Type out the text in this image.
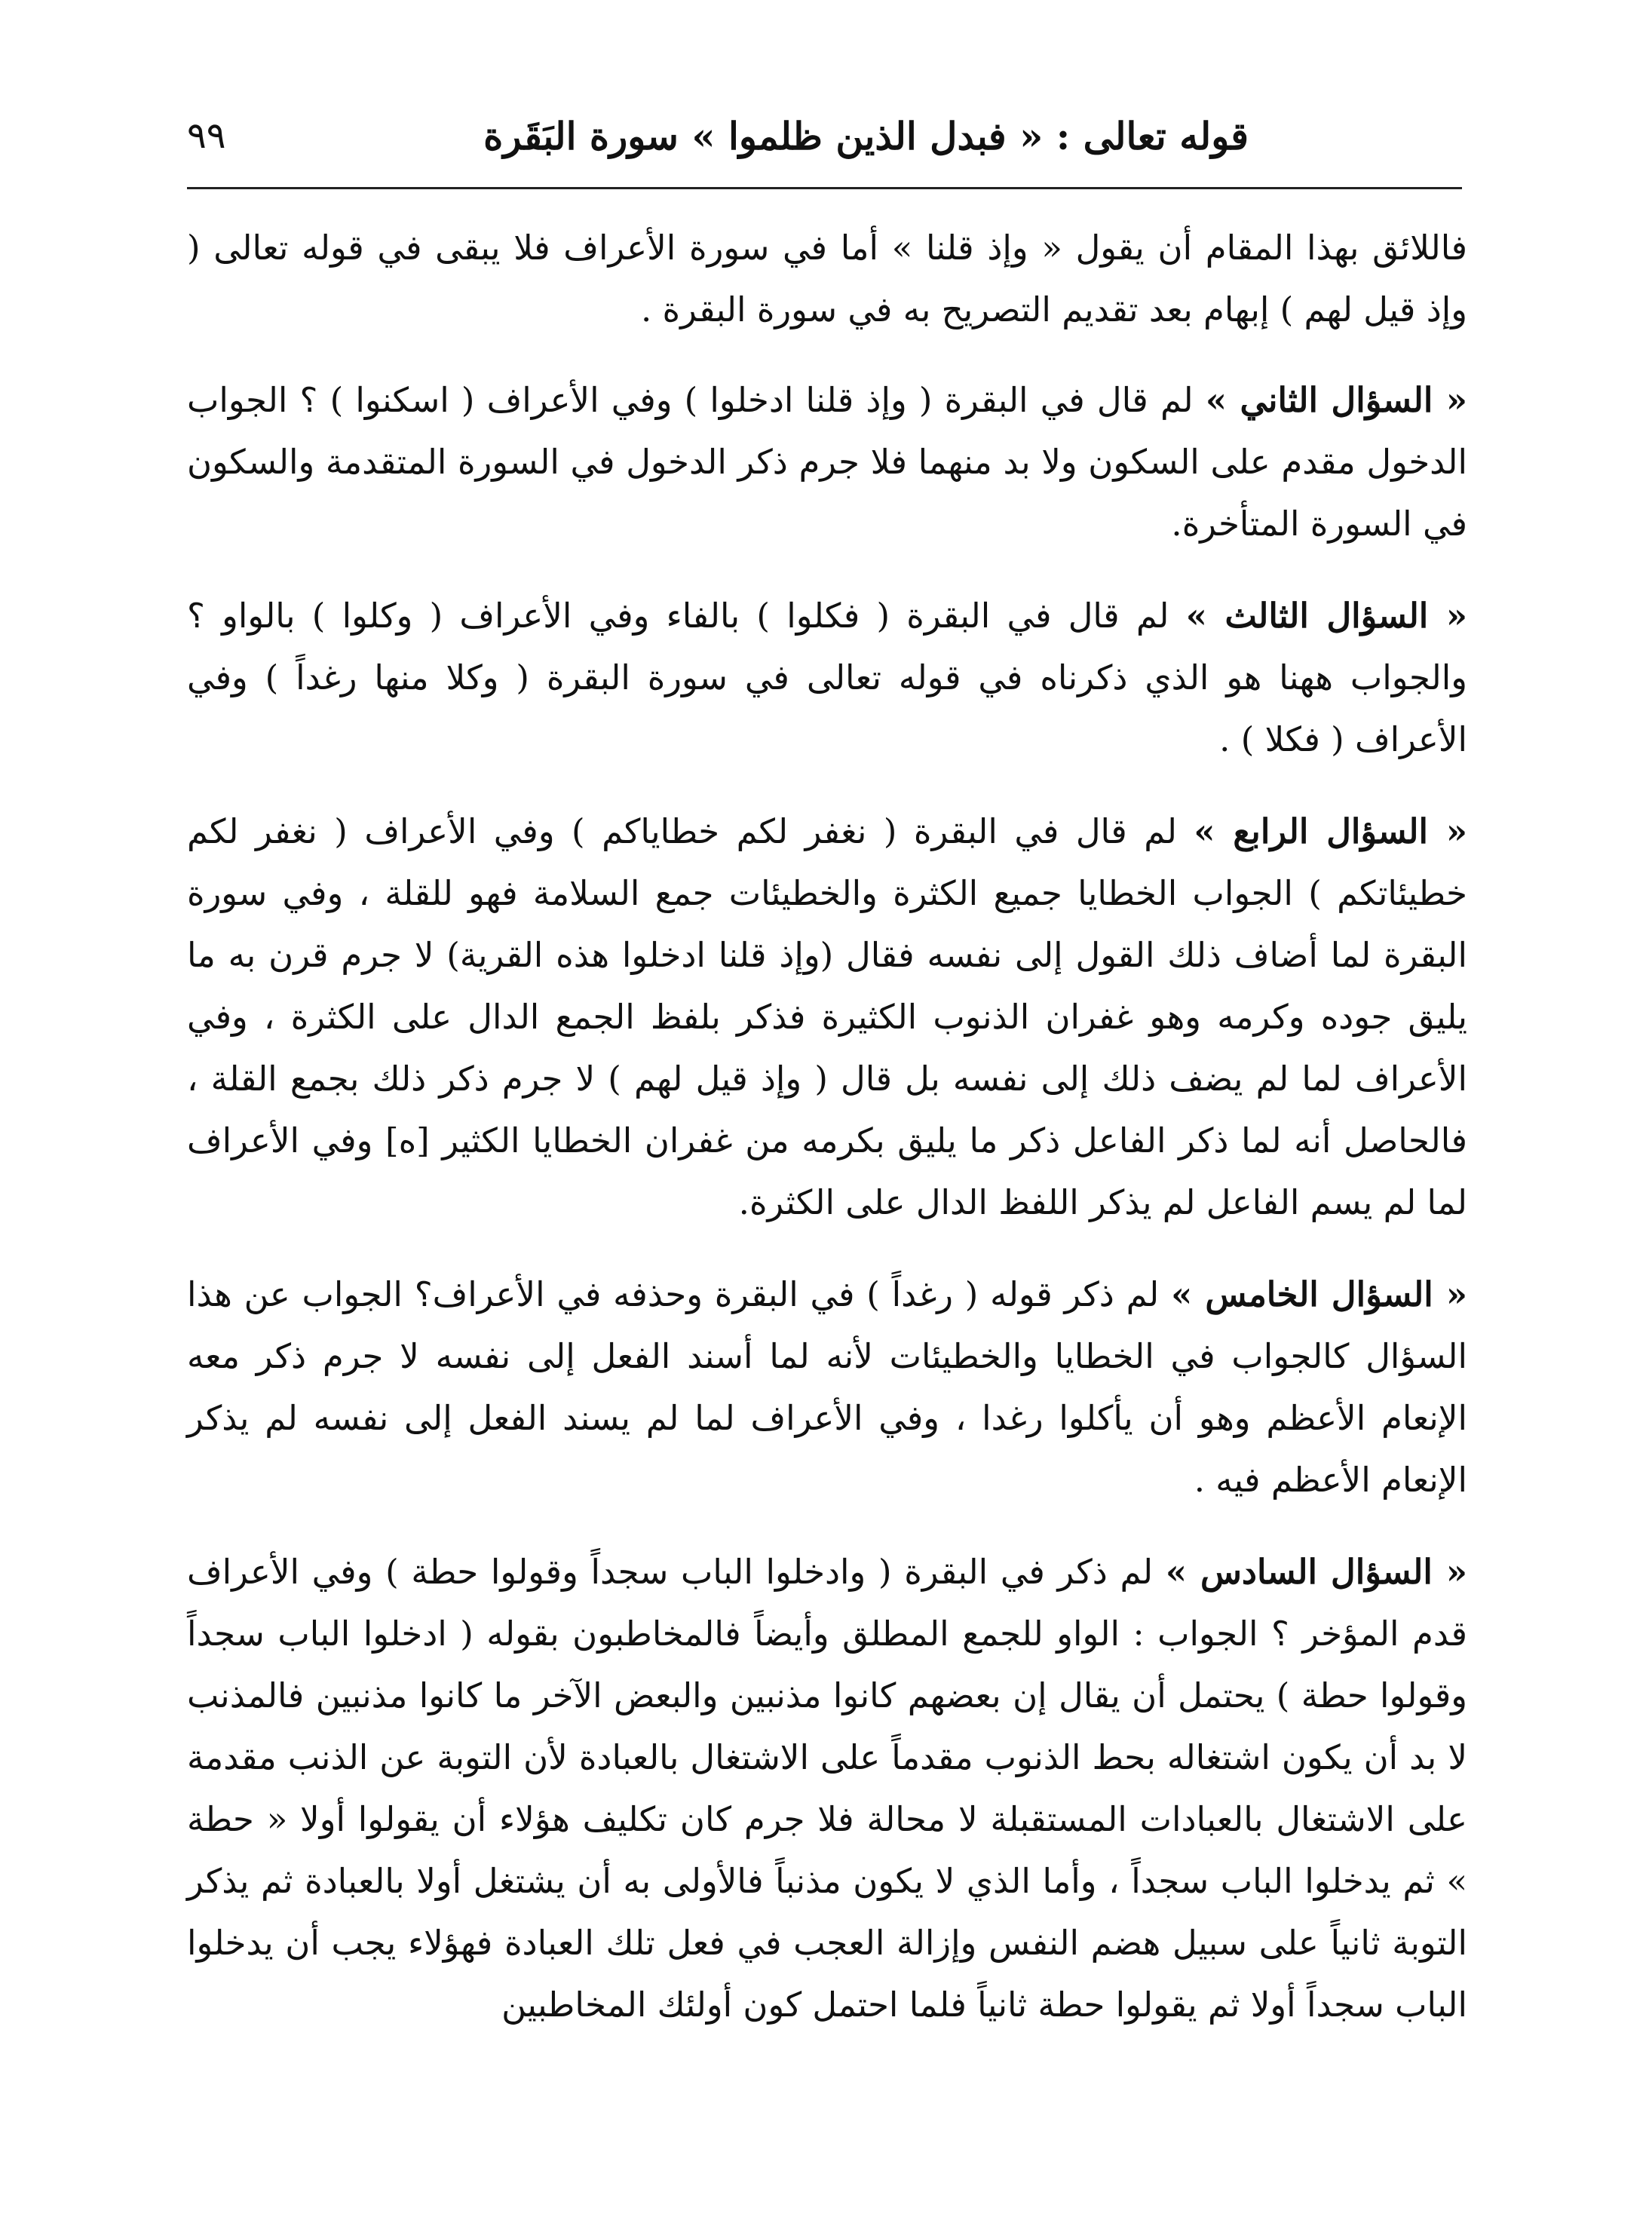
قوله تعالى : « فبدل الذين ظلموا » سورة البَقَرة
٩٩

فاللائق بهذا المقام أن يقول « وإذ قلنا » أما في سورة الأعراف فلا يبقى في قوله تعالى ( وإذ قيل لهم ) إبهام بعد تقديم التصريح به في سورة البقرة .

« السؤال الثاني » لم قال في البقرة ( وإذ قلنا ادخلوا ) وفي الأعراف ( اسكنوا ) ؟ الجواب الدخول مقدم على السكون ولا بد منهما فلا جرم ذكر الدخول في السورة المتقدمة والسكون في السورة المتأخرة.

« السؤال الثالث » لم قال في البقرة ( فكلوا ) بالفاء وفي الأعراف ( وكلوا ) بالواو ؟ والجواب ههنا هو الذي ذكرناه في قوله تعالى في سورة البقرة ( وكلا منها رغداً ) وفي الأعراف ( فكلا ) .

« السؤال الرابع » لم قال في البقرة ( نغفر لكم خطاياكم ) وفي الأعراف ( نغفر لكم خطيئاتكم ) الجواب الخطايا جميع الكثرة والخطيئات جمع السلامة فهو للقلة ، وفي سورة البقرة لما أضاف ذلك القول إلى نفسه فقال (وإذ قلنا ادخلوا هذه القرية) لا جرم قرن به ما يليق جوده وكرمه وهو غفران الذنوب الكثيرة فذكر بلفظ الجمع الدال على الكثرة ، وفي الأعراف لما لم يضف ذلك إلى نفسه بل قال ( وإذ قيل لهم ) لا جرم ذكر ذلك بجمع القلة ، فالحاصل أنه لما ذكر الفاعل ذكر ما يليق بكرمه من غفران الخطايا الكثير [ه] وفي الأعراف لما لم يسم الفاعل لم يذكر اللفظ الدال على الكثرة.

« السؤال الخامس » لم ذكر قوله ( رغداً ) في البقرة وحذفه في الأعراف؟ الجواب عن هذا السؤال كالجواب في الخطايا والخطيئات لأنه لما أسند الفعل إلى نفسه لا جرم ذكر معه الإنعام الأعظم وهو أن يأكلوا رغدا ، وفي الأعراف لما لم يسند الفعل إلى نفسه لم يذكر الإنعام الأعظم فيه .

« السؤال السادس » لم ذكر في البقرة ( وادخلوا الباب سجداً وقولوا حطة ) وفي الأعراف قدم المؤخر ؟ الجواب : الواو للجمع المطلق وأيضاً فالمخاطبون بقوله ( ادخلوا الباب سجداً وقولوا حطة ) يحتمل أن يقال إن بعضهم كانوا مذنبين والبعض الآخر ما كانوا مذنبين فالمذنب لا بد أن يكون اشتغاله بحط الذنوب مقدماً على الاشتغال بالعبادة لأن التوبة عن الذنب مقدمة على الاشتغال بالعبادات المستقبلة لا محالة فلا جرم كان تكليف هؤلاء أن يقولوا أولا « حطة » ثم يدخلوا الباب سجداً ، وأما الذي لا يكون مذنباً فالأولى به أن يشتغل أولا بالعبادة ثم يذكر التوبة ثانياً على سبيل هضم النفس وإزالة العجب في فعل تلك العبادة فهؤلاء يجب أن يدخلوا الباب سجداً أولا ثم يقولوا حطة ثانياً فلما احتمل كون أولئك المخاطبين
